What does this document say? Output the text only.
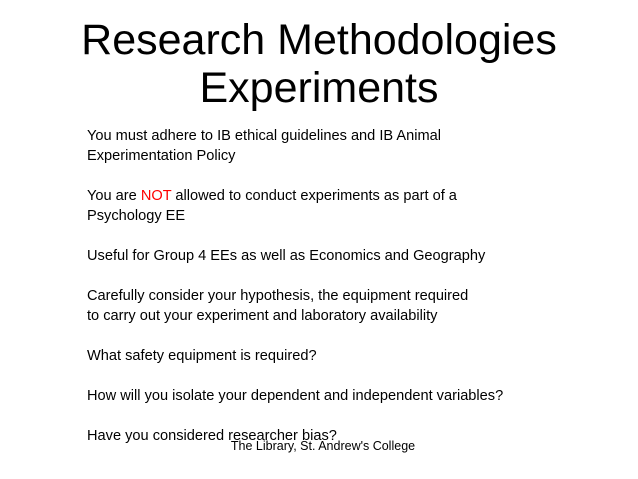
Research Methodologies
Experiments

You must adhere to IB ethical guidelines and IB Animal
Experimentation Policy

You are NOT allowed to conduct experiments as part of a
Psychology EE

Useful for Group 4 EEs as well as Economics and Geography

Carefully consider your hypothesis, the equipment required
to carry out your experiment and laboratory availability

What safety equipment is required?

How will you isolate your dependent and independent variables?

Have you considered researcher bias?

The Library, St. Andrew's College
